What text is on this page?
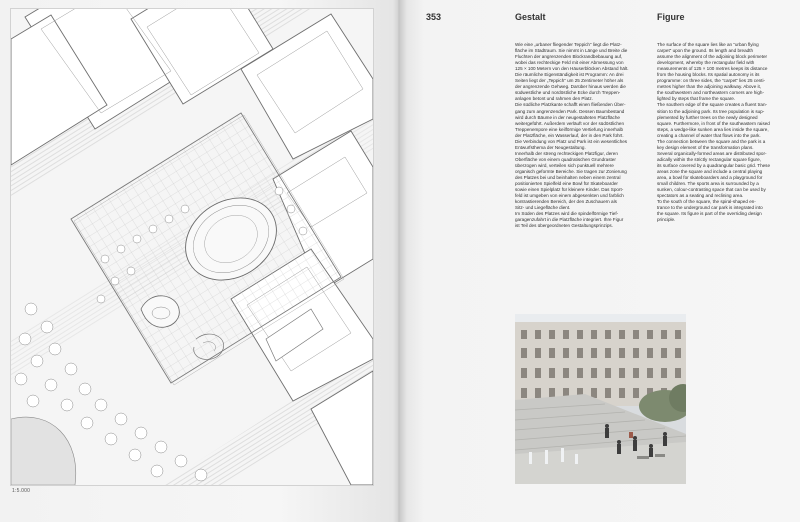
1:5.000
353	Gestalt	Figure
Wie eine „urbaner fliegender Teppich“ liegt die Platz-
fläche im Stadtraum. Sie nimmt in Länge und Breite die
Fluchten der angrenzenden Blockrandbebauung auf,
wobei das rechteckige Feld mit einer Abmessung von
125 × 100 Metern von den Häuserblöcken Abstand hält.
Die räumliche Eigenständigkeit ist Programm: An drei
Seiten liegt der „Teppich“ um 25 Zentimeter höher als
der angrenzende Gehweg. Darüber hinaus werden die
südwestliche und nordöstliche Ecke durch Treppen-
anlagen betont und rahmen den Platz.
Die südliche Platzkante schafft einen fließenden Über-
gang zum angrenzenden Park. Dessen Baumbestand
wird durch Bäume in der neugestalteten Platzfläche
weitergeführt. Außerdem verläuft vor der südöstlichen
Treppenempore eine keilförmige Vertiefung innerhalb
der Platzfläche, ein Wasserlauf, der in den Park führt.
Die Verbindung von Platz und Park ist ein wesentliches
Entwurfsthema der Neugestaltung.
Innerhalb der streng rechteckigen Platzfigur, deren
Oberfläche von einem quadratischen Grundraster
überzogen wird, verteilen sich punktuell mehrere
organisch geformte Bereiche. Sie tragen zur Zonierung
des Platzes bei und beinhalten neben einem zentral
positionierten Spielfeld eine Bowl für Skateboarder
sowie einen Spielplatz für kleinere Kinder. Das Sport-
feld ist umgeben von einem abgesenkten und farblich
kontrastierenden Bereich, der den Zuschauern als
Sitz- und Liegefläche dient.
Im Süden des Platzes wird die spindelförmige Tief-
garagenzufahrt in die Platzfläche integriert. Ihre Figur
ist Teil des übergeordneten Gestaltungsprinzips.
The surface of the square lies like an “urban flying
carpet” upon the ground. Its length and breadth
assume the alignment of the adjoining block perimeter
development, whereby the rectangular field with
measurements of 125 × 100 metres keeps its distance
from the housing blocks. Its spatial autonomy is its
programme: on three sides, the “carpet” lies 25 centi-
metres higher than the adjoining walkway. Above it,
the southwestern and northeastern corners are high-
lighted by steps that frame the square.
The southern edge of the square creates a fluent tran-
sition to the adjoining park. Its tree population is sup-
plemented by further trees on the newly designed
square. Furthermore, in front of the southeastern raised
steps, a wedge-like sunken area lies inside the square,
creating a channel of water that flows into the park.
The connection between the square and the park is a
key design element of the transformation plans.
Several organically-formed areas are distributed spor-
adically within the strictly rectangular square figure,
its surface covered by a quadrangular basic grid. These
areas zone the square and include a central playing
area, a bowl for skateboarders and a playground for
small children. The sports area is surrounded by a
sunken, colour-contrasting space that can be used by
spectators as a seating and reclining area.
To the south of the square, the spiral-shaped en-
trance to the underground car park is integrated into
the square. Its figure is part of the overriding design
principle.
